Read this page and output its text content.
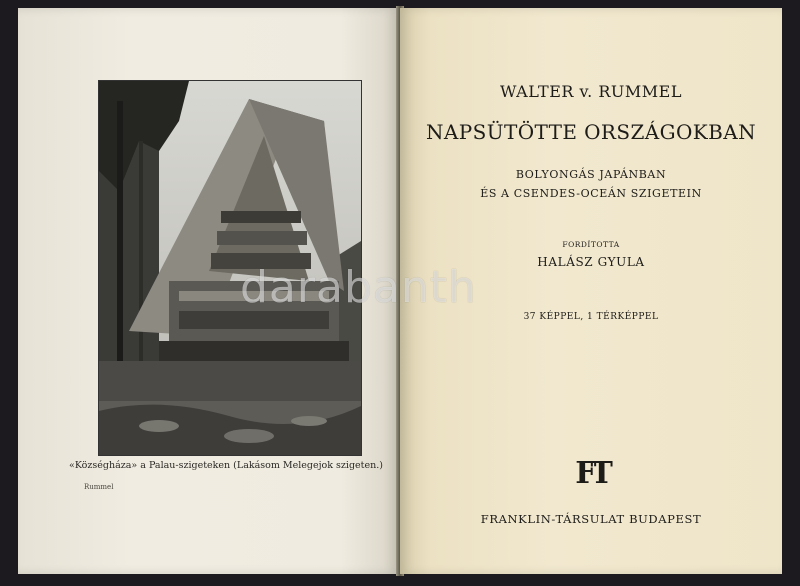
«Községháza» a Palau-szigeteken (Lakásom Melegejok szigeten.)
Rummel
WALTER v. RUMMEL
NAPSÜTÖTTE ORSZÁGOKBAN
BOLYONGÁS JAPÁNBAN
ÉS A CSENDES-OCEÁN SZIGETEIN
FORDÍTOTTA
HALÁSZ GYULA
37 KÉPPEL, 1 TÉRKÉPPEL
FT
FRANKLIN-TÁRSULAT BUDAPEST
darabanth
